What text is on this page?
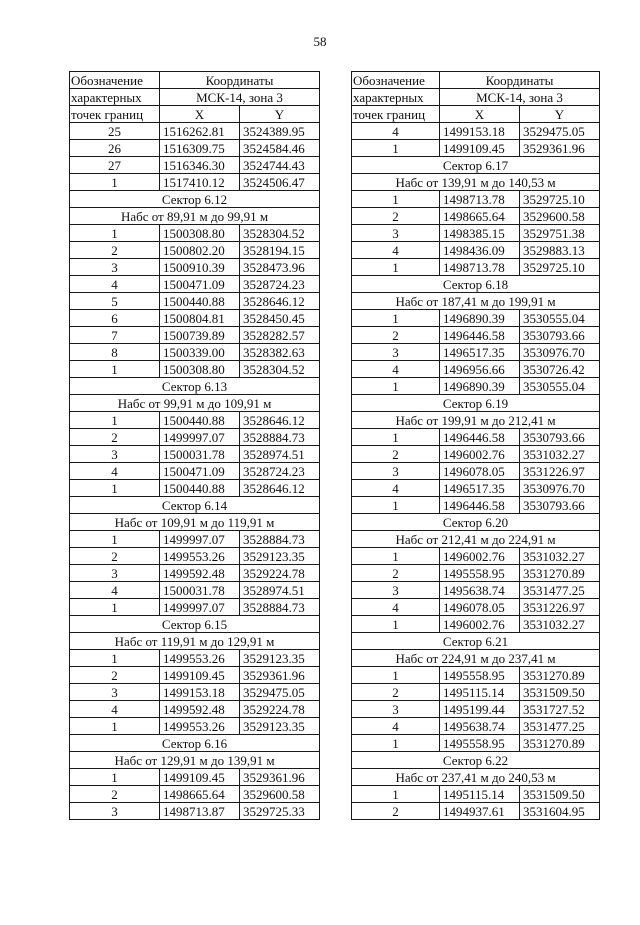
58
Обозначение	Координаты	
характерных	МСК-14, зона 3	
точек границ	X	Y
25	1516262.81	3524389.95
26	1516309.75	3524584.46
27	1516346.30	3524744.43
1	1517410.12	3524506.47
Сектор 6.12		
Набс от 89,91 м до 99,91 м		
1	1500308.80	3528304.52
2	1500802.20	3528194.15
3	1500910.39	3528473.96
4	1500471.09	3528724.23
5	1500440.88	3528646.12
6	1500804.81	3528450.45
7	1500739.89	3528282.57
8	1500339.00	3528382.63
1	1500308.80	3528304.52
Сектор 6.13		
Набс от 99,91 м до 109,91 м		
1	1500440.88	3528646.12
2	1499997.07	3528884.73
3	1500031.78	3528974.51
4	1500471.09	3528724.23
1	1500440.88	3528646.12
Сектор 6.14		
Набс от 109,91 м до 119,91 м		
1	1499997.07	3528884.73
2	1499553.26	3529123.35
3	1499592.48	3529224.78
4	1500031.78	3528974.51
1	1499997.07	3528884.73
Сектор 6.15		
Набс от 119,91 м до 129,91 м		
1	1499553.26	3529123.35
2	1499109.45	3529361.96
3	1499153.18	3529475.05
4	1499592.48	3529224.78
1	1499553.26	3529123.35
Сектор 6.16		
Набс от 129,91 м до 139,91 м		
1	1499109.45	3529361.96
2	1498665.64	3529600.58
3	1498713.87	3529725.33
Обозначение	Координаты	
характерных	МСК-14, зона 3	
точек границ	X	Y
4	1499153.18	3529475.05
1	1499109.45	3529361.96
Сектор 6.17		
Набс от 139,91 м до 140,53 м		
1	1498713.78	3529725.10
2	1498665.64	3529600.58
3	1498385.15	3529751.38
4	1498436.09	3529883.13
1	1498713.78	3529725.10
Сектор 6.18		
Набс от 187,41 м до 199,91 м		
1	1496890.39	3530555.04
2	1496446.58	3530793.66
3	1496517.35	3530976.70
4	1496956.66	3530726.42
1	1496890.39	3530555.04
Сектор 6.19		
Набс от 199,91 м до 212,41 м		
1	1496446.58	3530793.66
2	1496002.76	3531032.27
3	1496078.05	3531226.97
4	1496517.35	3530976.70
1	1496446.58	3530793.66
Сектор 6.20		
Набс от 212,41 м до 224,91 м		
1	1496002.76	3531032.27
2	1495558.95	3531270.89
3	1495638.74	3531477.25
4	1496078.05	3531226.97
1	1496002.76	3531032.27
Сектор 6.21		
Набс от 224,91 м до 237,41 м		
1	1495558.95	3531270.89
2	1495115.14	3531509.50
3	1495199.44	3531727.52
4	1495638.74	3531477.25
1	1495558.95	3531270.89
Сектор 6.22		
Набс от 237,41 м до 240,53 м		
1	1495115.14	3531509.50
2	1494937.61	3531604.95
